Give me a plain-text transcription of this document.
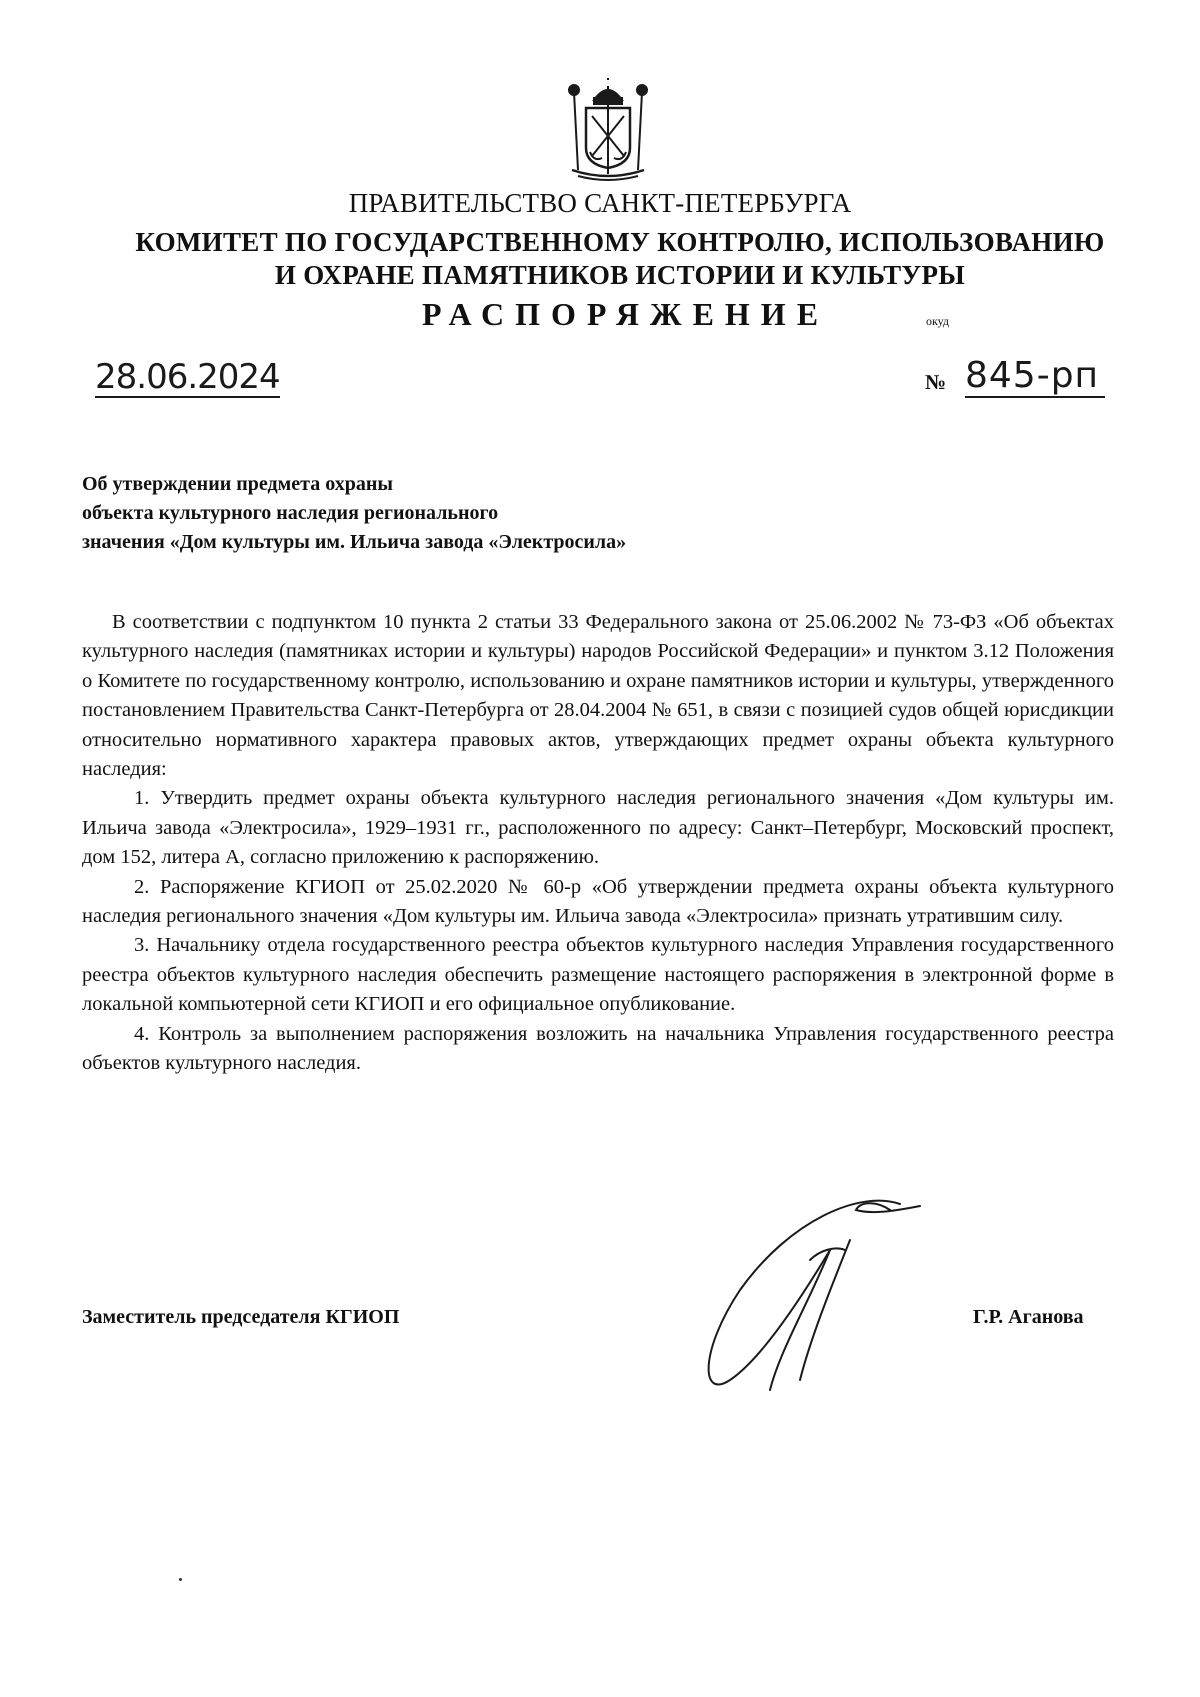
ПРАВИТЕЛЬСТВО САНКТ-ПЕТЕРБУРГА
КОМИТЕТ ПО ГОСУДАРСТВЕННОМУ КОНТРОЛЮ, ИСПОЛЬЗОВАНИЮ
И ОХРАНЕ ПАМЯТНИКОВ ИСТОРИИ И КУЛЬТУРЫ
РАСПОРЯЖЕНИЕ	окуд
28.06.2024	№ 845-рп
Об утверждении предмета охраны
объекта культурного наследия регионального
значения «Дом культуры им. Ильича завода «Электросила»

В соответствии с подпунктом 10 пункта 2 статьи 33 Федерального закона от 25.06.2002 № 73-ФЗ «Об объектах культурного наследия (памятниках истории и культуры) народов Российской Федерации» и пунктом 3.12 Положения о Комитете по государственному контролю, использованию и охране памятников истории и культуры, утвержденного постановлением Правительства Санкт-Петербурга от 28.04.2004 № 651, в связи с позицией судов общей юрисдикции относительно нормативного характера правовых актов, утверждающих предмет охраны объекта культурного наследия:

1. Утвердить предмет охраны объекта культурного наследия регионального значения «Дом культуры им. Ильича завода «Электросила», 1929–1931 гг., расположенного по адресу: Санкт–Петербург, Московский проспект, дом 152, литера А, согласно приложению к распоряжению.

2. Распоряжение КГИОП от 25.02.2020 № 60-р «Об утверждении предмета охраны объекта культурного наследия регионального значения «Дом культуры им. Ильича завода «Электросила» признать утратившим силу.

3. Начальнику отдела государственного реестра объектов культурного наследия Управления государственного реестра объектов культурного наследия обеспечить размещение настоящего распоряжения в электронной форме в локальной компьютерной сети КГИОП и его официальное опубликование.

4. Контроль за выполнением распоряжения возложить на начальника Управления государственного реестра объектов культурного наследия.

Заместитель председателя КГИОП	Г.Р. Аганова
